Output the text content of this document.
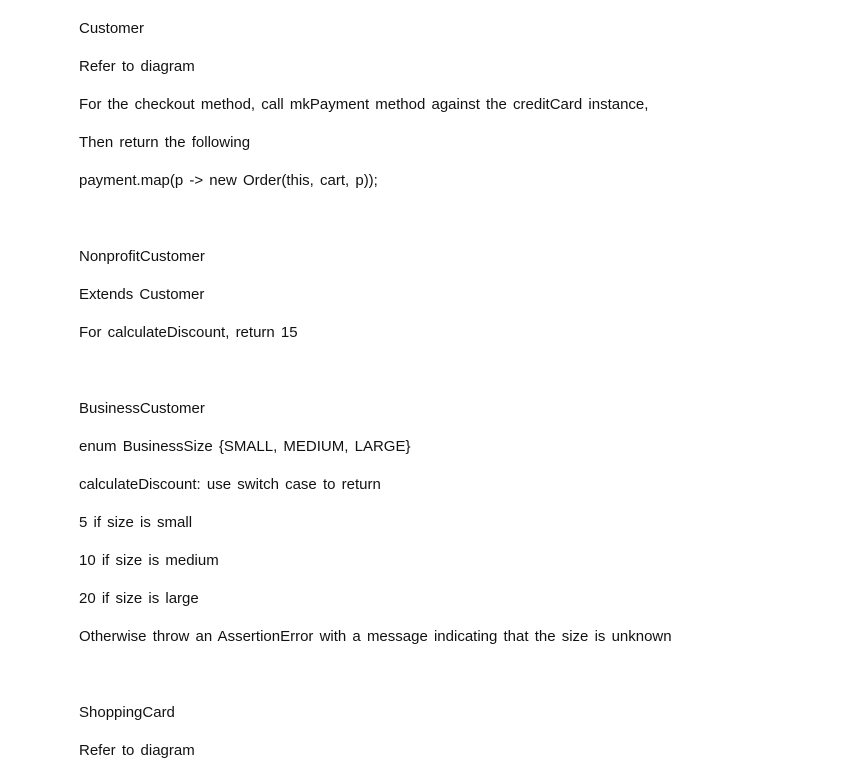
Customer
Refer to diagram
For the checkout method, call mkPayment method against the creditCard instance,
Then return the following
payment.map(p -> new Order(this, cart, p));
NonprofitCustomer
Extends Customer
For calculateDiscount, return 15
BusinessCustomer
enum BusinessSize {SMALL, MEDIUM, LARGE}
calculateDiscount: use switch case to return
5 if size is small
10 if size is medium
20 if size is large
Otherwise throw an AssertionError with a message indicating that the size is unknown
ShoppingCard
Refer to diagram
